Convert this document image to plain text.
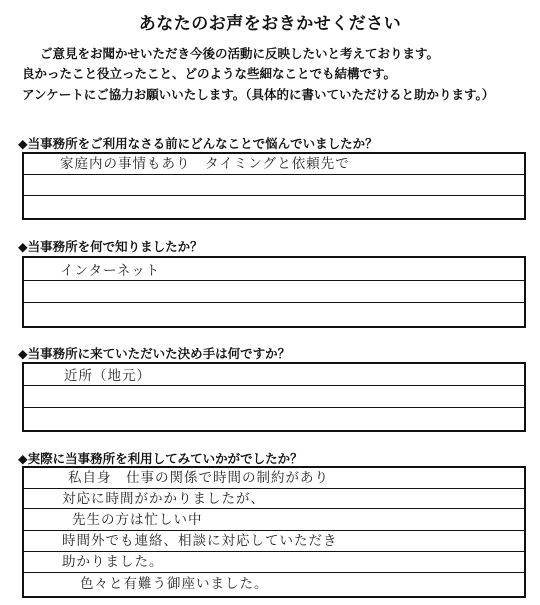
あなたのお声をおきかせください
ご意見をお聞かせいただき今後の活動に反映したいと考えております。
良かったこと役立ったこと、どのような些細なことでも結構です。
アンケートにご協力お願いいたします。（具体的に書いていただけると助かります。）
◆当事務所をご利用なさる前にどんなことで悩んでいましたか？
家庭内の事情もあり　タイミングと依頼先で
◆当事務所を何で知りましたか？
インターネット
◆当事務所に来ていただいた決め手は何ですか？
近所（地元）
◆実際に当事務所を利用してみていかがでしたか？
私自身　仕事の関係で時間の制約があり
対応に時間がかかりましたが、
先生の方は忙しい中
時間外でも連絡、相談に対応していただき
助かりました。
色々と有難う御座いました。
